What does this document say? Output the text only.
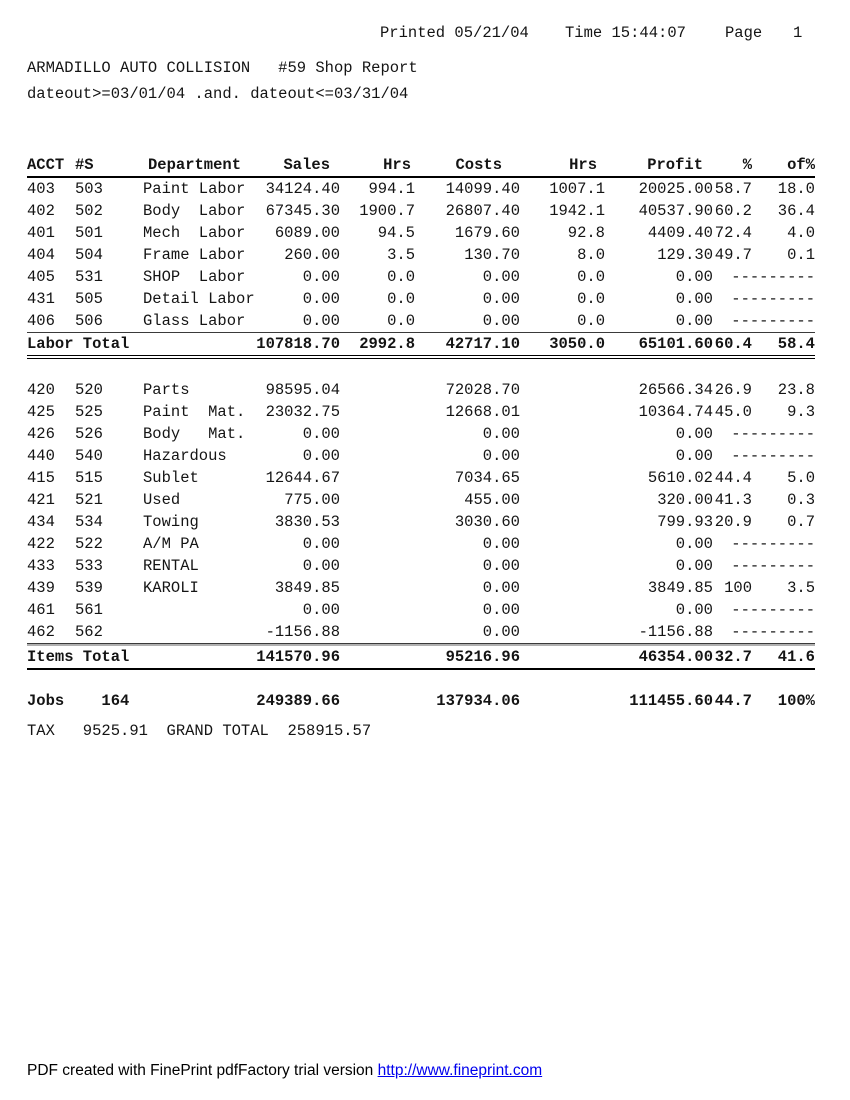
Printed 05/21/04 Time 15:44:07	Page 1
ARMADILLO AUTO COLLISION   #59 Shop Report
dateout>=03/01/04 .and. dateout<=03/31/04
ACCT	#S	Department	Sales	Hrs	Costs	Hrs	Profit	%	of%
403	503	Paint Labor	34124.40	994.1	14099.40	1007.1	20025.00	58.7	18.0
402	502	Body  Labor	67345.30	1900.7	26807.40	1942.1	40537.90	60.2	36.4
401	501	Mech  Labor	6089.00	94.5	1679.60	92.8	4409.40	72.4	4.0
404	504	Frame Labor	260.00	3.5	130.70	8.0	129.30	49.7	0.1
405	531	SHOP  Labor	0.00	0.0	0.00	0.0	0.00	---------	
431	505	Detail Labor	0.00	0.0	0.00	0.0	0.00	---------	
406	506	Glass Labor	0.00	0.0	0.00	0.0	0.00	---------	
Labor Total			107818.70	2992.8	42717.10	3050.0	65101.60	60.4	58.4

420	520	Parts	98595.04		72028.70		26566.34	26.9	23.8
425	525	Paint  Mat.	23032.75		12668.01		10364.74	45.0	9.3
426	526	Body   Mat.	0.00		0.00		0.00	---------	
440	540	Hazardous	0.00		0.00		0.00	---------	
415	515	Sublet	12644.67		7034.65		5610.02	44.4	5.0
421	521	Used	775.00		455.00		320.00	41.3	0.3
434	534	Towing	3830.53		3030.60		799.93	20.9	0.7
422	522	A/M PA	0.00		0.00		0.00	---------	
433	533	RENTAL	0.00		0.00		0.00	---------	
439	539	KAROLI	3849.85		0.00		3849.85	100	3.5
461	561		0.00		0.00		0.00	---------	
462	562		-1156.88		0.00		-1156.88	---------	
Items Total			141570.96		95216.96		46354.00	32.7	41.6

Jobs    164			249389.66		137934.06		111455.60	44.7	100%
TAX   9525.91  GRAND TOTAL  258915.57
PDF created with FinePrint pdfFactory trial version http://www.fineprint.com
